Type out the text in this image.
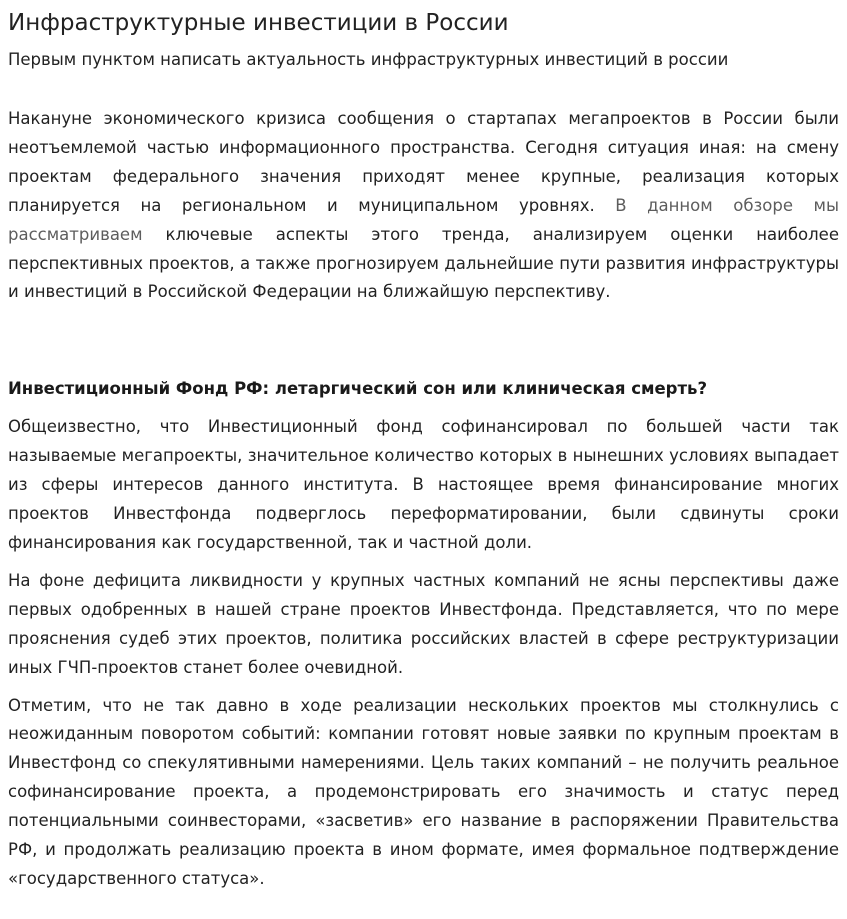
Инфраструктурные инвестиции в России

Первым пунктом написать актуальность инфраструктурных инвестиций в россии

Накануне экономического кризиса сообщения о стартапах мегапроектов в России были неотъемлемой частью информационного пространства. Сегодня ситуация иная: на смену проектам федерального значения приходят менее крупные, реализация которых планируется на региональном и муниципальном уровнях. В данном обзоре мы рассматриваем ключевые аспекты этого тренда, анализируем оценки наиболее перспективных проектов, а также прогнозируем дальнейшие пути развития инфраструктуры и инвестиций в Российской Федерации на ближайшую перспективу.

Инвестиционный Фонд РФ: летаргический сон или клиническая смерть?

Общеизвестно, что Инвестиционный фонд софинансировал по большей части так называемые мегапроекты, значительное количество которых в нынешних условиях выпадает из сферы интересов данного института. В настоящее время финансирование многих проектов Инвестфонда подверглось переформатировании, были сдвинуты сроки финансирования как государственной, так и частной доли.

На фоне дефицита ликвидности у крупных частных компаний не ясны перспективы даже первых одобренных в нашей стране проектов Инвестфонда. Представляется, что по мере прояснения судеб этих проектов, политика российских властей в сфере реструктуризации иных ГЧП-проектов станет более очевидной.

Отметим, что не так давно в ходе реализации нескольких проектов мы столкнулись с неожиданным поворотом событий: компании готовят новые заявки по крупным проектам в Инвестфонд со спекулятивными намерениями. Цель таких компаний – не получить реальное софинансирование проекта, а продемонстрировать его значимость и статус перед потенциальными соинвесторами, «засветив» его название в распоряжении Правительства РФ, и продолжать реализацию проекта в ином формате, имея формальное подтверждение «государственного статуса».
